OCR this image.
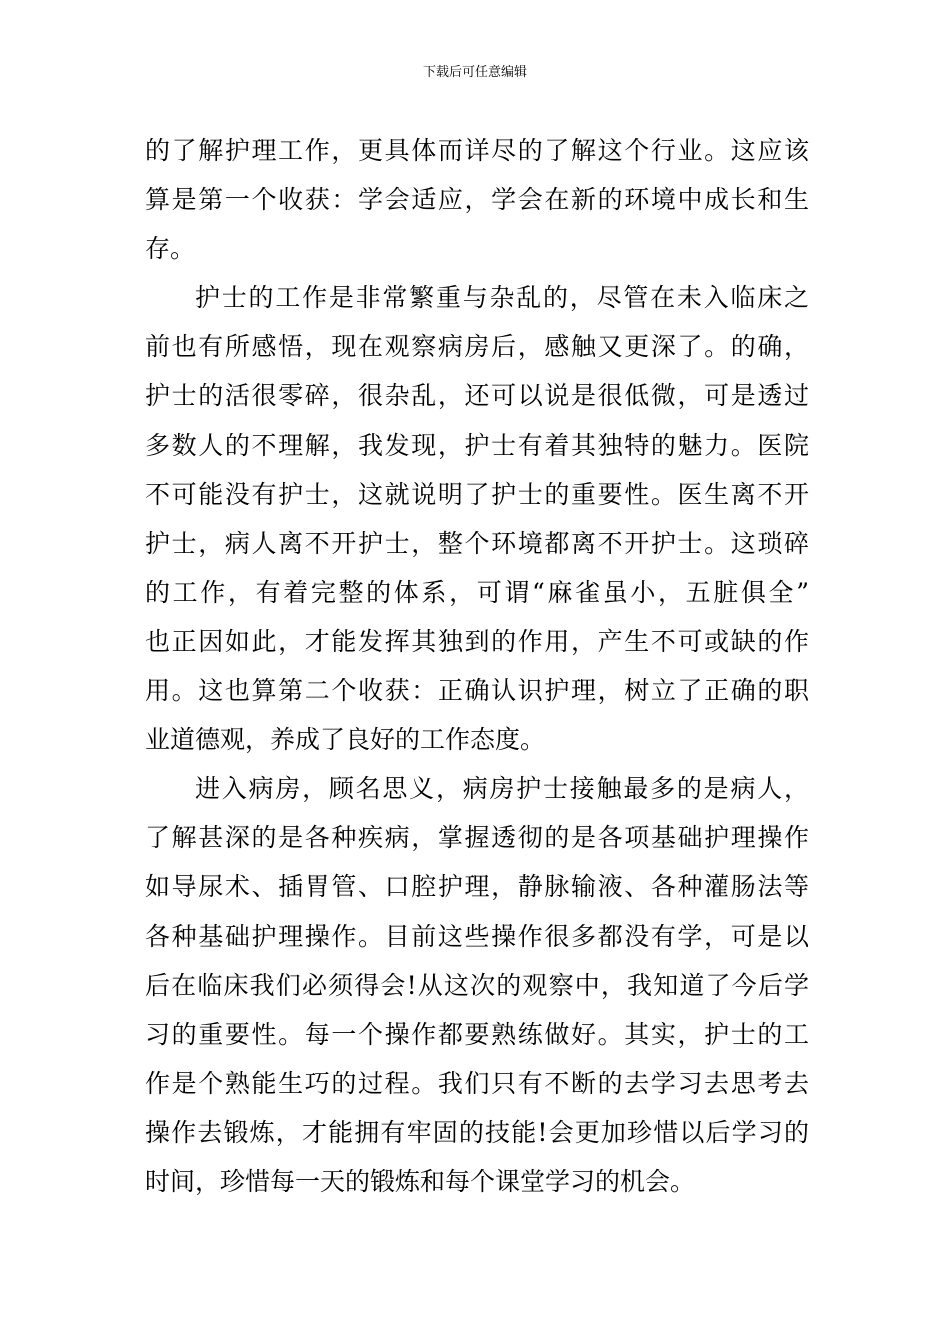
下载后可任意编辑
的了解护理工作，更具体而详尽的了解这个行业。这应该
算是第一个收获：学会适应，学会在新的环境中成长和生
存。
护士的工作是非常繁重与杂乱的，尽管在未入临床之
前也有所感悟，现在观察病房后，感触又更深了。的确，
护士的活很零碎，很杂乱，还可以说是很低微，可是透过
多数人的不理解，我发现，护士有着其独特的魅力。医院
不可能没有护士，这就说明了护士的重要性。医生离不开
护士，病人离不开护士，整个环境都离不开护士。这琐碎
的工作，有着完整的体系，可谓“麻雀虽小，五脏俱全”
也正因如此，才能发挥其独到的作用，产生不可或缺的作
用。这也算第二个收获：正确认识护理，树立了正确的职
业道德观，养成了良好的工作态度。
进入病房，顾名思义，病房护士接触最多的是病人，
了解甚深的是各种疾病，掌握透彻的是各项基础护理操作
如导尿术、插胃管、口腔护理，静脉输液、各种灌肠法等
各种基础护理操作。目前这些操作很多都没有学，可是以
后在临床我们必须得会!从这次的观察中，我知道了今后学
习的重要性。每一个操作都要熟练做好。其实，护士的工
作是个熟能生巧的过程。我们只有不断的去学习去思考去
操作去锻炼，才能拥有牢固的技能!会更加珍惜以后学习的
时间，珍惜每一天的锻炼和每个课堂学习的机会。
